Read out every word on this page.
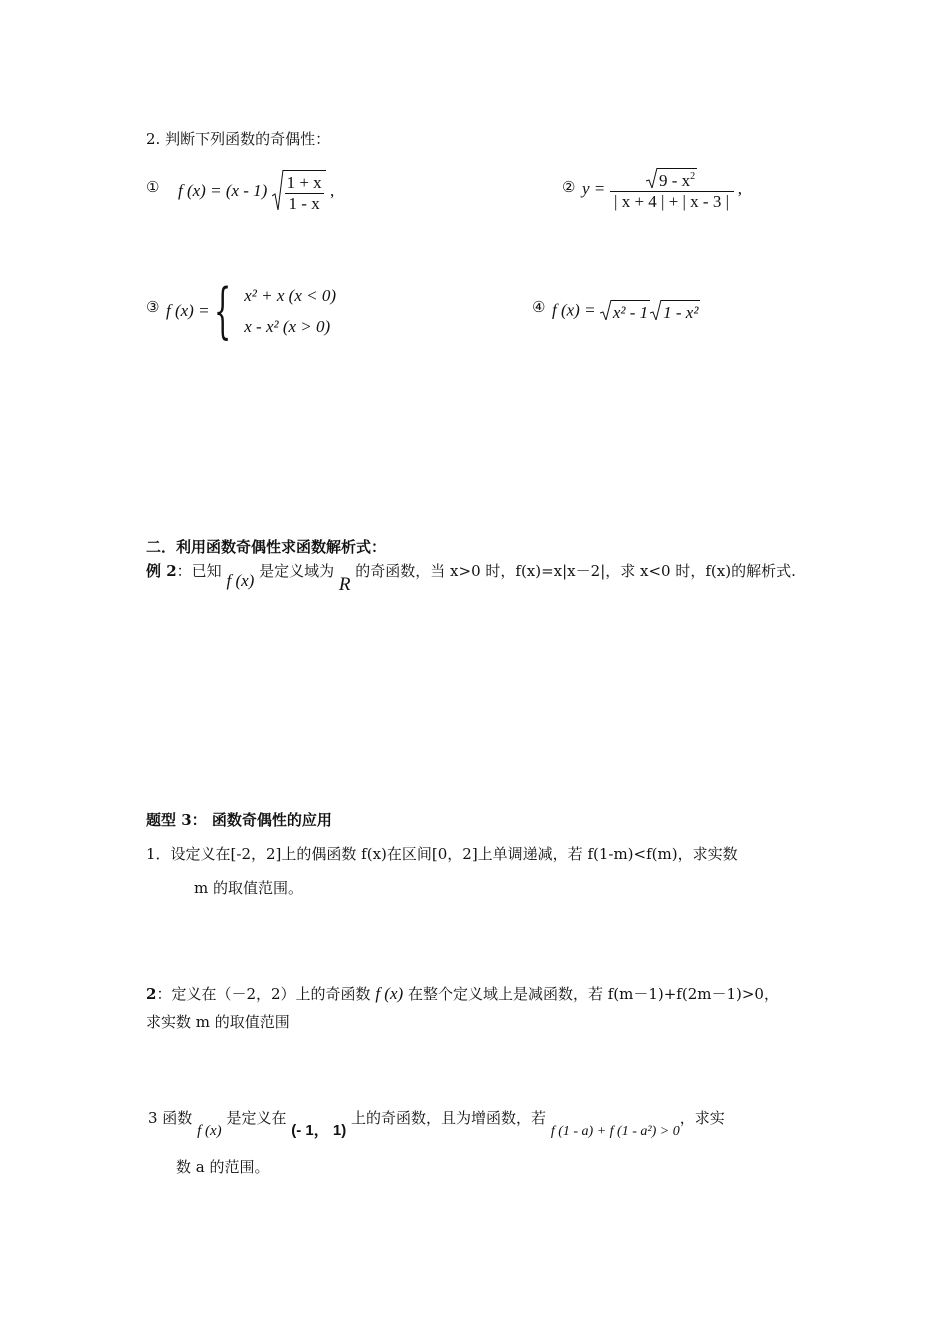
2. 判断下列函数的奇偶性：
① f $(x) = (x - 1) \frac{1 + x}{1 - x}$ ,	② $y = \frac{9 - x^2}{| x + 4 | + | x - 3 |}$ ,
③ f (x) = { x² + x (x < 0)
x - x² (x > 0)
④ f (x) = x² - 1 1 - x²
二．利用函数奇偶性求函数解析式：
例 2：已知 f (x) 是定义域为 R 的奇函数，当 x>0 时，f(x)=x|x－2|，求 x<0 时，f(x)的解析式.
题型 3： 函数奇偶性的应用
1．设定义在[-2，2]上的偶函数 f(x)在区间[0，2]上单调递减，若 f(1-m)<f(m)，求实数
m 的取值范围。
2：定义在（－2，2）上的奇函数 f (x) 在整个定义域上是减函数，若 f(m－1)+f(2m－1)>0，
求实数 m 的取值范围
3 函数 f (x) 是定义在 (- 1， 1) 上的奇函数，且为增函数，若 f (1 - a) + f (1 - a²) > 0，求实
数 a 的范围。
